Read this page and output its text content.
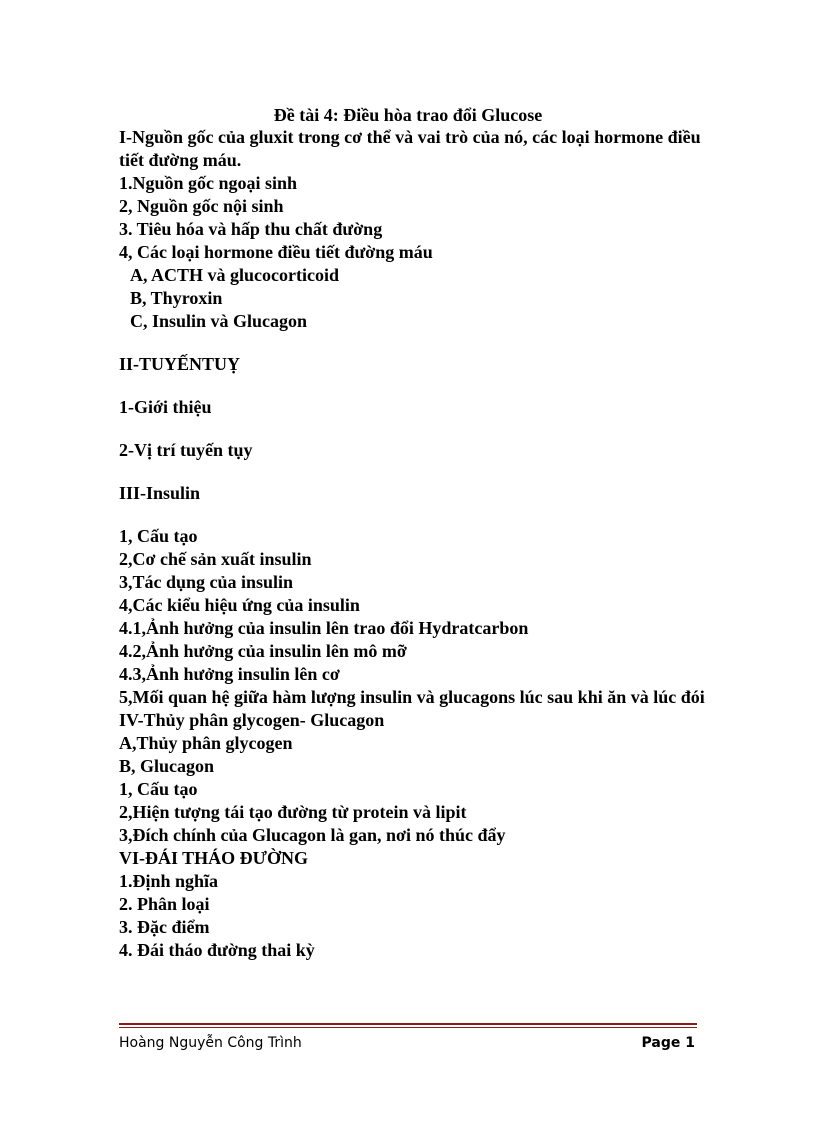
Đề tài 4: Điều hòa trao đổi Glucose
I-Nguồn gốc của gluxit trong cơ thể và vai trò của nó, các loại hormone điều tiết đường máu.
1.Nguồn gốc ngoại sinh
2, Nguồn gốc nội sinh
3. Tiêu hóa và hấp thu chất đường
4, Các loại hormone điều tiết đường máu
A, ACTH và glucocorticoid
B, Thyroxin
C, Insulin và Glucagon
II-TUYẾNTUỴ
1-Giới thiệu
2-Vị trí tuyến tụy
III-Insulin
1, Cấu tạo
2,Cơ chế sản xuất insulin
3,Tác dụng của insulin
4,Các kiểu hiệu ứng của insulin
4.1,Ảnh hưởng của insulin lên trao đổi Hydratcarbon
4.2,Ảnh hưởng của insulin lên mô mỡ
4.3,Ảnh hưởng insulin lên cơ
5,Mối quan hệ giữa hàm lượng insulin và glucagons lúc sau khi ăn và lúc đói
IV-Thủy phân glycogen- Glucagon
A,Thủy phân glycogen
B, Glucagon
1, Cấu tạo
2,Hiện tượng tái tạo đường từ protein và lipit
3,Đích chính của Glucagon là gan, nơi nó thúc đẩy
VI-ĐÁI THÁO ĐƯỜNG
1.Định nghĩa
2. Phân loại
3. Đặc điểm
4. Đái tháo đường thai kỳ
Hoàng Nguyễn Công Trình	Page 1
